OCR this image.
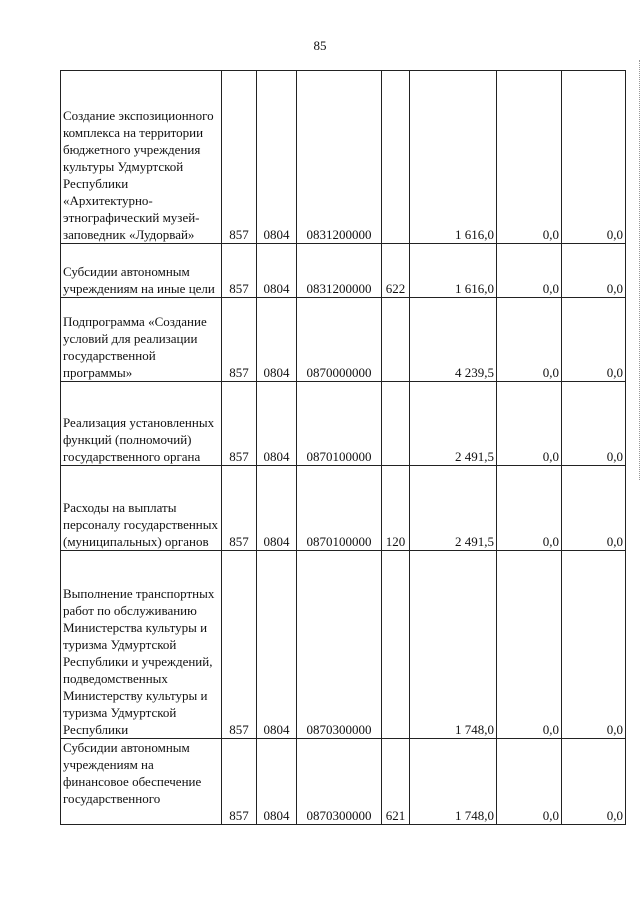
85
Создание экспозиционного комплекса на территории бюджетного учреждения культуры Удмуртской Республики «Архитектурно-этнографический музей-заповедник «Лудорвай»	857	0804	0831200000		1 616,0	0,0	0,0

Субсидии автономным учреждениям на иные цели	857	0804	0831200000	622	1 616,0	0,0	0,0

Подпрограмма «Создание условий для реализации государственной программы»	857	0804	0870000000		4 239,5	0,0	0,0

Реализация установленных функций (полномочий) государственного органа	857	0804	0870100000		2 491,5	0,0	0,0

Расходы на выплаты персоналу государственных (муниципальных) органов	857	0804	0870100000	120	2 491,5	0,0	0,0

Выполнение транспортных работ по обслуживанию Министерства культуры и туризма Удмуртской Республики и учреждений, подведомственных Министерству культуры и туризма Удмуртской Республики	857	0804	0870300000		1 748,0	0,0	0,0

Субсидии автономным учреждениям на финансовое обеспечение государственного	857	0804	0870300000	621	1 748,0	0,0	0,0
